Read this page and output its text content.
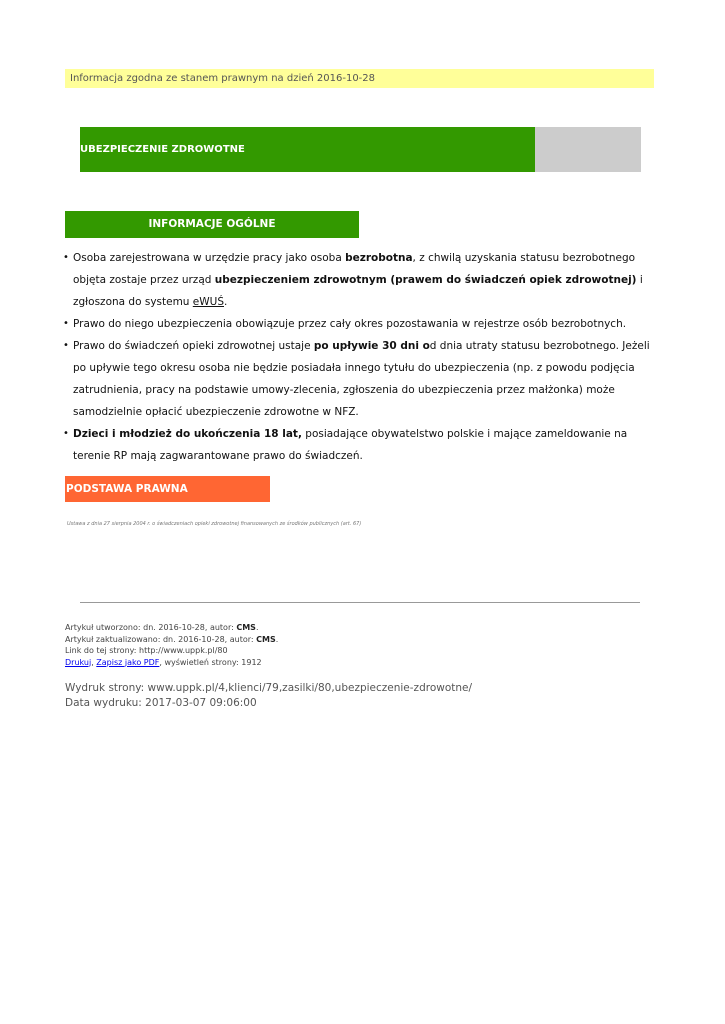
Informacja zgodna ze stanem prawnym na dzień 2016-10-28
UBEZPIECZENIE ZDROWOTNE
INFORMACJE OGÓLNE
• Osoba zarejestrowana w urzędzie pracy jako osoba bezrobotna, z chwilą uzyskania statusu bezrobotnego objęta zostaje przez urząd ubezpieczeniem zdrowotnym (prawem do świadczeń opiek zdrowotnej) i zgłoszona do systemu eWUŚ.
• Prawo do niego ubezpieczenia obowiązuje przez cały okres pozostawania w rejestrze osób bezrobotnych.
• Prawo do świadczeń opieki zdrowotnej ustaje po upływie 30 dni od dnia utraty statusu bezrobotnego. Jeżeli po upływie tego okresu osoba nie będzie posiadała innego tytułu do ubezpieczenia (np. z powodu podjęcia zatrudnienia, pracy na podstawie umowy-zlecenia, zgłoszenia do ubezpieczenia przez małżonka) może samodzielnie opłacić ubezpieczenie zdrowotne w NFZ.
• Dzieci i młodzież do ukończenia 18 lat, posiadające obywatelstwo polskie i mające zameldowanie na terenie RP mają zagwarantowane prawo do świadczeń.
PODSTAWA PRAWNA
Ustawa z dnia 27 sierpnia 2004 r. o świadczeniach opieki zdrowotnej finansowanych ze środków publicznych (art. 67)
Artykuł utworzono: dn. 2016-10-28, autor: CMS.
Artykuł zaktualizowano: dn. 2016-10-28, autor: CMS.
Link do tej strony: http://www.uppk.pl/80
Drukuj, Zapisz jako PDF, wyświetleń strony: 1912
Wydruk strony: www.uppk.pl/4,klienci/79,zasilki/80,ubezpieczenie-zdrowotne/
Data wydruku: 2017-03-07 09:06:00
